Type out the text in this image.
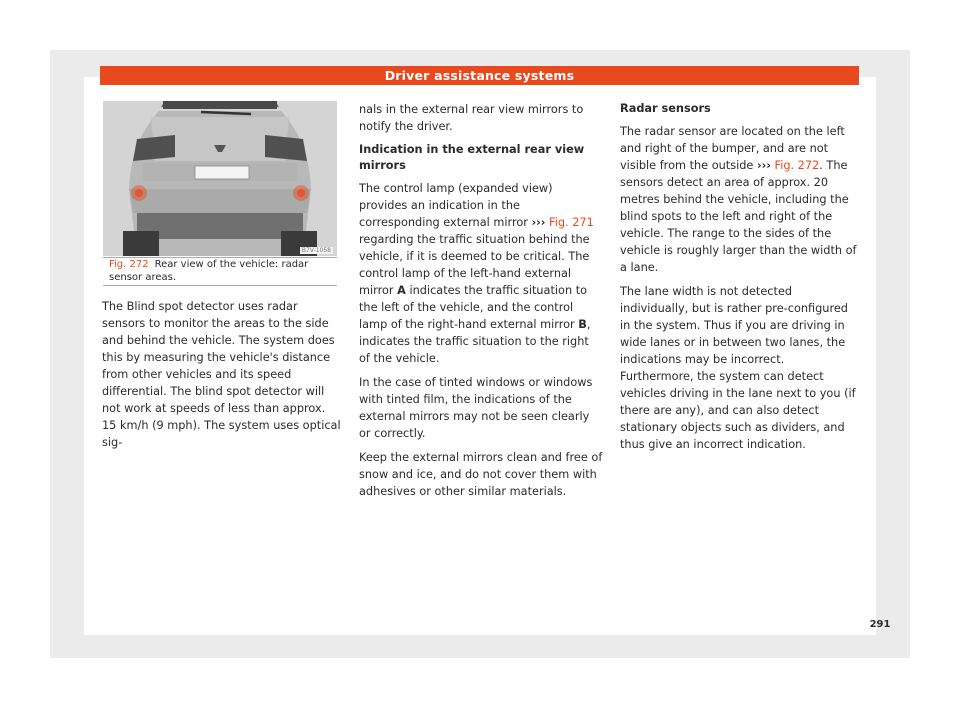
Driver assistance systems
B7V-1058
Fig. 272 Rear view of the vehicle: radar sensor areas.

The Blind spot detector uses radar sensors to monitor the areas to the side and behind the vehicle. The system does this by measuring the vehicle's distance from other vehicles and its speed differential. The blind spot detector will not work at speeds of less than approx. 15 km/h (9 mph). The system uses optical sig-

nals in the external rear view mirrors to notify the driver.

Indication in the external rear view mirrors

The control lamp (expanded view) provides an indication in the corresponding external mirror ››› Fig. 271 regarding the traffic situation behind the vehicle, if it is deemed to be critical. The control lamp of the left-hand external mirror A indicates the traffic situation to the left of the vehicle, and the control lamp of the right-hand external mirror B, indicates the traffic situation to the right of the vehicle.

In the case of tinted windows or windows with tinted film, the indications of the external mirrors may not be seen clearly or correctly.

Keep the external mirrors clean and free of snow and ice, and do not cover them with adhesives or other similar materials.

Radar sensors

The radar sensor are located on the left and right of the bumper, and are not visible from the outside ››› Fig. 272. The sensors detect an area of approx. 20 metres behind the vehicle, including the blind spots to the left and right of the vehicle. The range to the sides of the vehicle is roughly larger than the width of a lane.

The lane width is not detected individually, but is rather pre-configured in the system. Thus if you are driving in wide lanes or in between two lanes, the indications may be incorrect. Furthermore, the system can detect vehicles driving in the lane next to you (if there are any), and can also detect stationary objects such as dividers, and thus give an incorrect indication.

291
